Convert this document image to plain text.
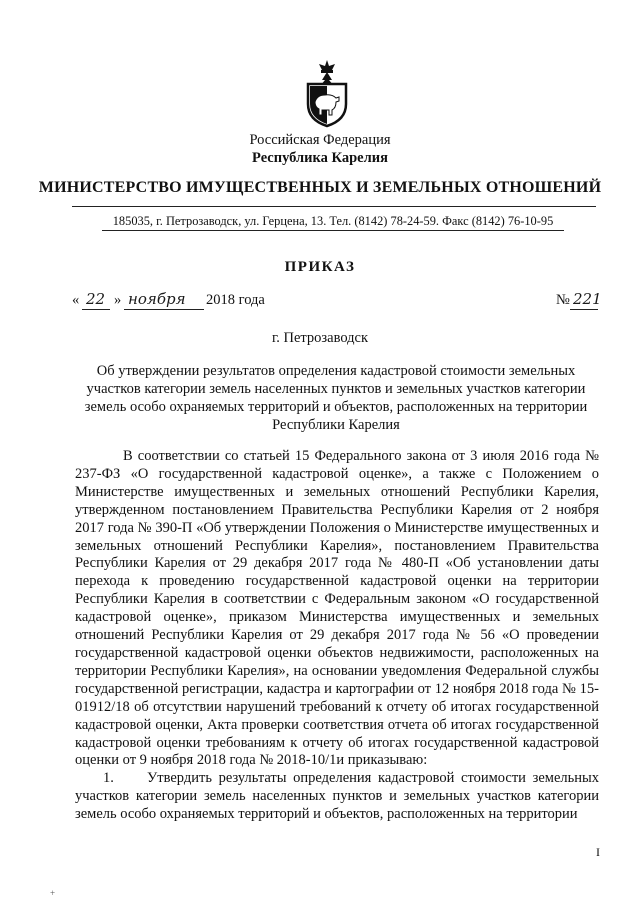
Российская Федерация
Республика Карелия
МИНИСТЕРСТВО ИМУЩЕСТВЕННЫХ И ЗЕМЕЛЬНЫХ ОТНОШЕНИЙ
185035, г. Петрозаводск, ул. Герцена, 13. Тел. (8142) 78-24-59. Факс (8142) 76-10-95
ПРИКАЗ
« 22 » ноября 2018 года	№ 221
г. Петрозаводск
Об утверждении результатов определения кадастровой стоимости земельных
участков категории земель населенных пунктов и земельных участков категории
земель особо охраняемых территорий и объектов, расположенных на территории
Республики Карелия

В соответствии со статьей 15 Федерального закона от 3 июля 2016 года № 237-ФЗ «О государственной кадастровой оценке», а также с Положением о Министерстве имущественных и земельных отношений Республики Карелия, утвержденном постановлением Правительства Республики Карелия от 2 ноября 2017 года № 390-П «Об утверждении Положения о Министерстве имущественных и земельных отношений Республики Карелия», постановлением Правительства Республики Карелия от 29 декабря 2017 года № 480-П «Об установлении даты перехода к проведению государственной кадастровой оценки на территории Республики Карелия в соответствии с Федеральным законом «О государственной кадастровой оценке», приказом Министерства имущественных и земельных отношений Республики Карелия от 29 декабря 2017 года № 56 «О проведении государственной кадастровой оценки объектов недвижимости, расположенных на территории Республики Карелия», на основании уведомления Федеральной службы государственной регистрации, кадастра и картографии от 12 ноября 2018 года № 15-01912/18 об отсутствии нарушений требований к отчету об итогах государственной кадастровой оценки, Акта проверки соответствия отчета об итогах государственной кадастровой оценки требованиям к отчету об итогах государственной кадастровой оценки от 9 ноября 2018 года № 2018-10/1и приказываю:

1. Утвердить результаты определения кадастровой стоимости земельных участков категории земель населенных пунктов и земельных участков категории земель особо охраняемых территорий и объектов, расположенных на территории

I
+
